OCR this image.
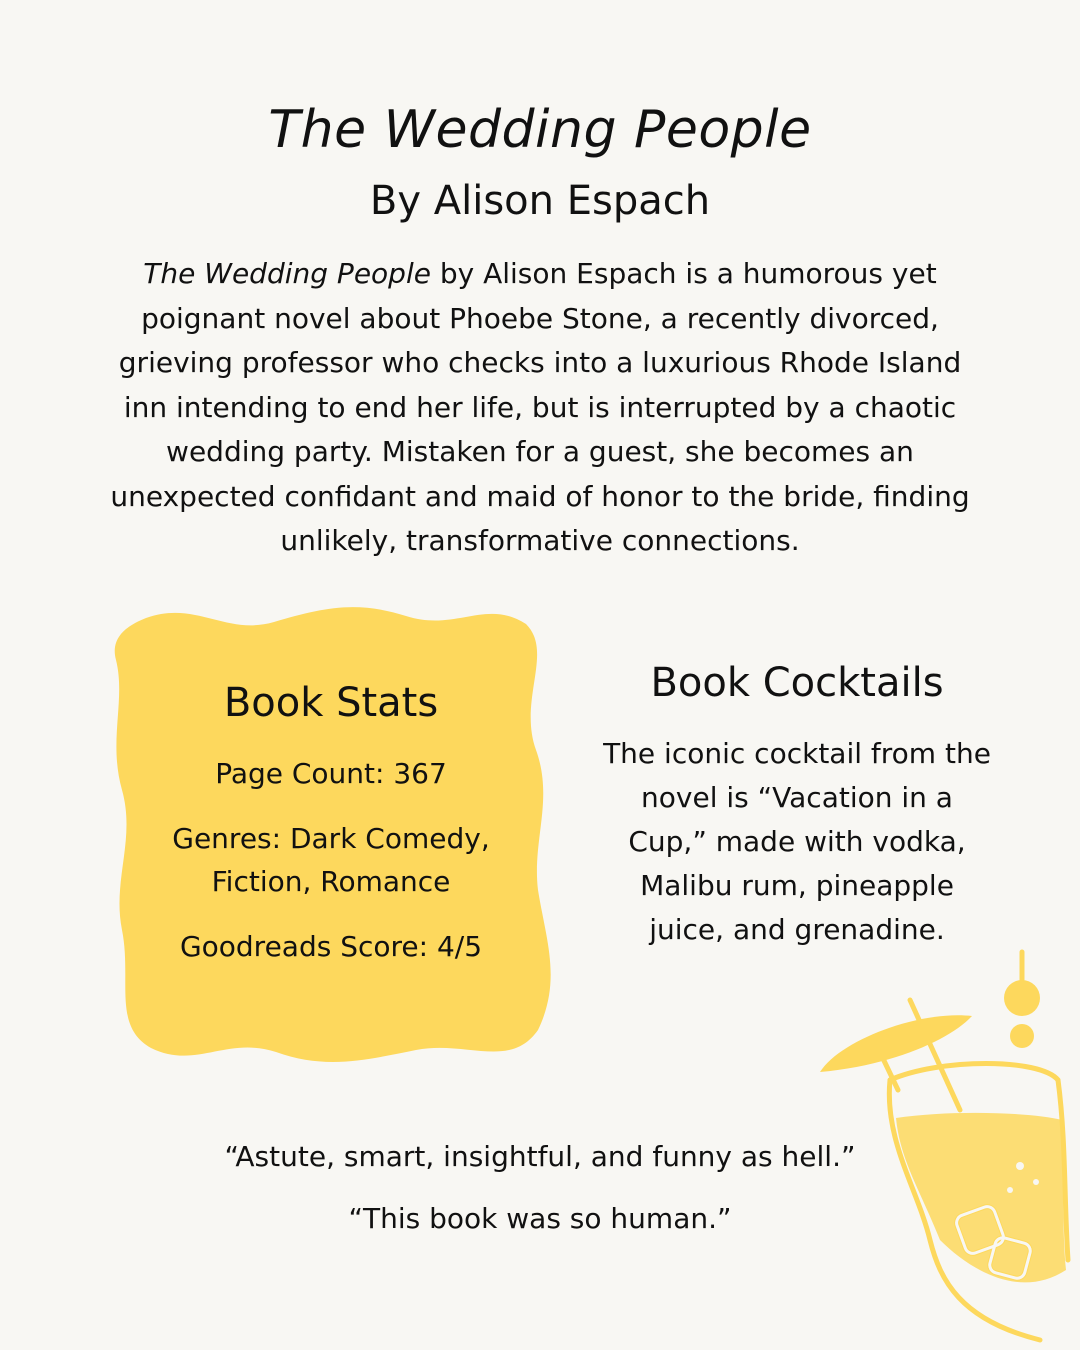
The Wedding People
By Alison Espach

The Wedding People by Alison Espach is a humorous yet poignant novel about Phoebe Stone, a recently divorced, grieving professor who checks into a luxurious Rhode Island inn intending to end her life, but is interrupted by a chaotic wedding party. Mistaken for a guest, she becomes an unexpected confidant and maid of honor to the bride, finding unlikely, transformative connections.

Book Stats

Page Count: 367

Genres: Dark Comedy, Fiction, Romance

Goodreads Score: 4/5

Book Cocktails

The iconic cocktail from the novel is “Vacation in a Cup,” made with vodka, Malibu rum, pineapple juice, and grenadine.

“Astute, smart, insightful, and funny as hell.”

“This book was so human.”
